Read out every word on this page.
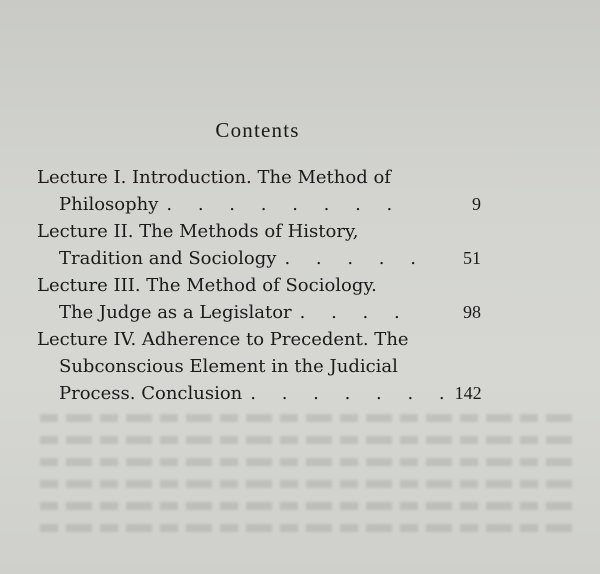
Contents
Lecture I. Introduction. The Method of
Philosophy . . . . . . . .	9
Lecture II. The Methods of History,
Tradition and Sociology . . . . . 51
Lecture III. The Method of Sociology.
The Judge as a Legislator . . . .	98
Lecture IV. Adherence to Precedent. The
Subconscious Element in the Judicial
Process. Conclusion . . . . . . . 142
